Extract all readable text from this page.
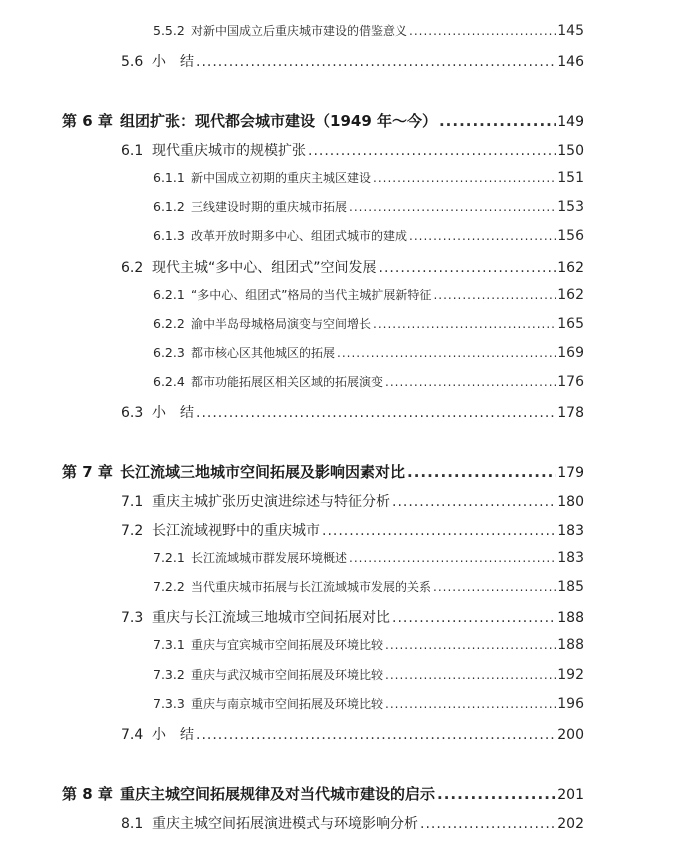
5.5.2 对新中国成立后重庆城市建设的借鉴意义 .....	145
5.6 小　结 .....	146
第 6 章 组团扩张：现代都会城市建设（1949 年～今） .....	149
6.1 现代重庆城市的规模扩张 .....	150
6.1.1 新中国成立初期的重庆主城区建设 .....	151
6.1.2 三线建设时期的重庆城市拓展 .....	153
6.1.3 改革开放时期多中心、组团式城市的建成 .....	156
6.2 现代主城“多中心、组团式”空间发展 .....	162
6.2.1 “多中心、组团式”格局的当代主城扩展新特征 .....	162
6.2.2 渝中半岛母城格局演变与空间增长 .....	165
6.2.3 都市核心区其他城区的拓展 .....	169
6.2.4 都市功能拓展区相关区域的拓展演变 .....	176
6.3 小　结 .....	178
第 7 章 长江流域三地城市空间拓展及影响因素对比 .....	179
7.1 重庆主城扩张历史演进综述与特征分析 .....	180
7.2 长江流域视野中的重庆城市 .....	183
7.2.1 长江流域城市群发展环境概述 .....	183
7.2.2 当代重庆城市拓展与长江流域城市发展的关系 .....	185
7.3 重庆与长江流域三地城市空间拓展对比 .....	188
7.3.1 重庆与宜宾城市空间拓展及环境比较 .....	188
7.3.2 重庆与武汉城市空间拓展及环境比较 .....	192
7.3.3 重庆与南京城市空间拓展及环境比较 .....	196
7.4 小　结 .....	200
第 8 章 重庆主城空间拓展规律及对当代城市建设的启示 .....	201
8.1 重庆主城空间拓展演进模式与环境影响分析 .....	202
